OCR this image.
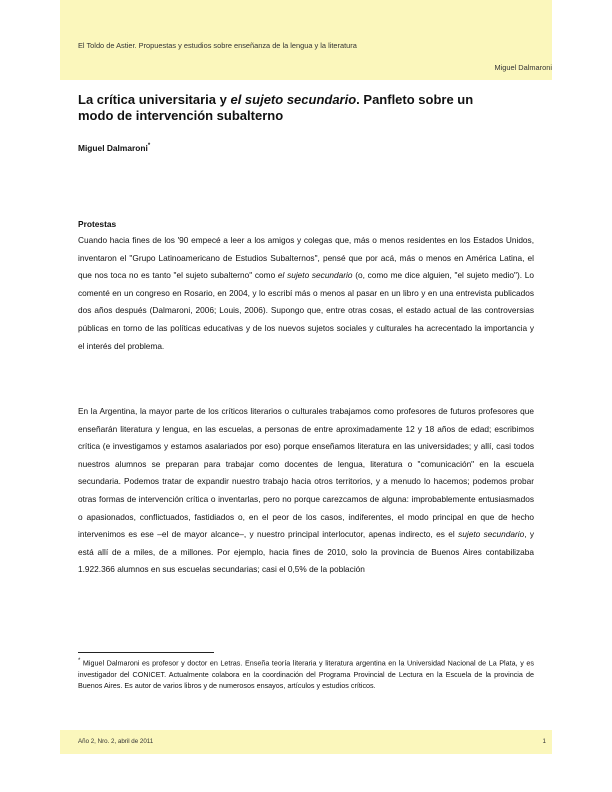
El Toldo de Astier. Propuestas y estudios sobre enseñanza de la lengua y la literatura
Miguel Dalmaroni
La crítica universitaria y el sujeto secundario. Panfleto sobre un modo de intervención subalterno
Miguel Dalmaroni*
Protestas
Cuando hacia fines de los '90 empecé a leer a los amigos y colegas que, más o menos residentes en los Estados Unidos, inventaron el "Grupo Latinoamericano de Estudios Subalternos", pensé que por acá, más o menos en América Latina, el que nos toca no es tanto "el sujeto subalterno" como el sujeto secundario (o, como me dice alguien, "el sujeto medio"). Lo comenté en un congreso en Rosario, en 2004, y lo escribí más o menos al pasar en un libro y en una entrevista publicados dos años después (Dalmaroni, 2006; Louis, 2006). Supongo que, entre otras cosas, el estado actual de las controversias públicas en torno de las políticas educativas y de los nuevos sujetos sociales y culturales ha acrecentado la importancia y el interés del problema.
En la Argentina, la mayor parte de los críticos literarios o culturales trabajamos como profesores de futuros profesores que enseñarán literatura y lengua, en las escuelas, a personas de entre aproximadamente 12 y 18 años de edad; escribimos crítica (e investigamos y estamos asalariados por eso) porque enseñamos literatura en las universidades; y allí, casi todos nuestros alumnos se preparan para trabajar como docentes de lengua, literatura o "comunicación" en la escuela secundaria. Podemos tratar de expandir nuestro trabajo hacia otros territorios, y a menudo lo hacemos; podemos probar otras formas de intervención crítica o inventarlas, pero no porque carezcamos de alguna: improbablemente entusiasmados o apasionados, conflictuados, fastidiados o, en el peor de los casos, indiferentes, el modo principal en que de hecho intervenimos es ese –el de mayor alcance–, y nuestro principal interlocutor, apenas indirecto, es el sujeto secundario, y está allí de a miles, de a millones. Por ejemplo, hacia fines de 2010, solo la provincia de Buenos Aires contabilizaba 1.922.366 alumnos en sus escuelas secundarias; casi el 0,5% de la población
* Miguel Dalmaroni es profesor y doctor en Letras. Enseña teoría literaria y literatura argentina en la Universidad Nacional de La Plata, y es investigador del CONICET. Actualmente colabora en la coordinación del Programa Provincial de Lectura en la Escuela de la provincia de Buenos Aires. Es autor de varios libros y de numerosos ensayos, artículos y estudios críticos.
Año 2, Nro. 2, abril de 2011	1
